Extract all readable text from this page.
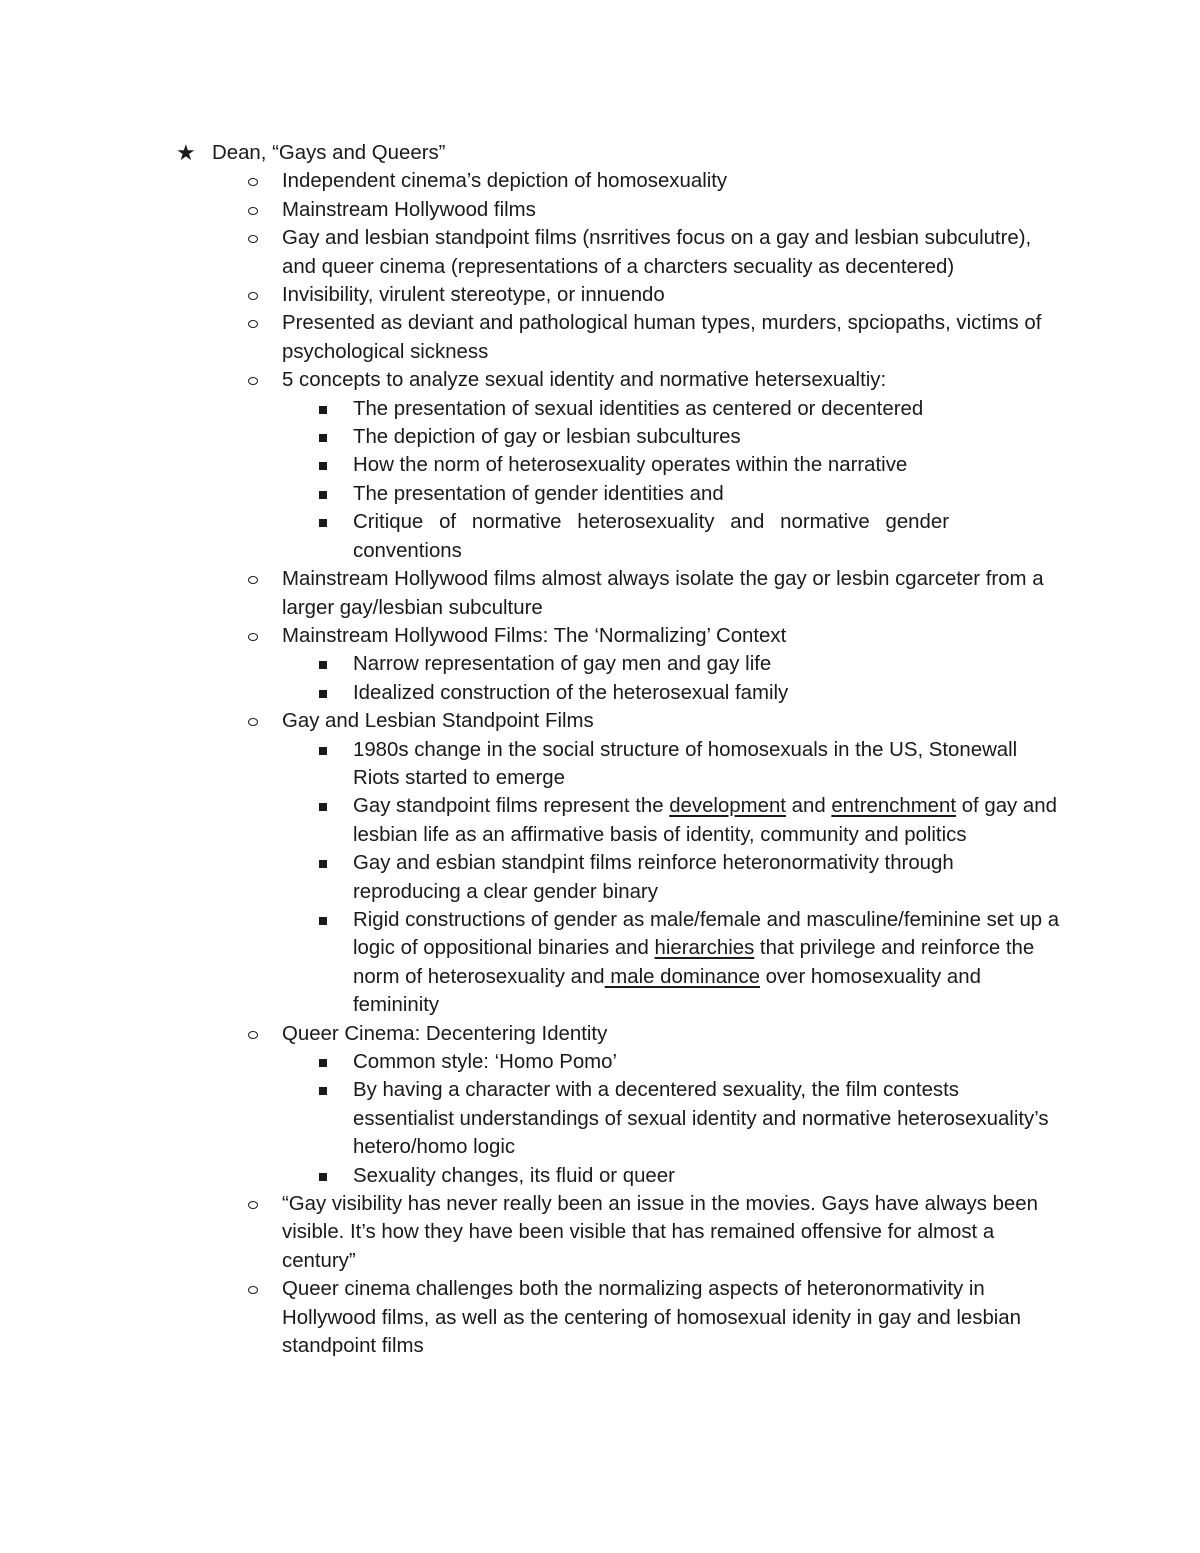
★ Dean, “Gays and Queers”
Independent cinema’s depiction of homosexuality
Mainstream Hollywood films
Gay and lesbian standpoint films (nsrritives focus on a gay and lesbian subculutre), and queer cinema (representations of a charcters secuality as decentered)
Invisibility, virulent stereotype, or innuendo
Presented as deviant and pathological human types, murders, spciopaths, victims of psychological sickness
5 concepts to analyze sexual identity and normative hetersexualtiy:
The presentation of sexual identities as centered or decentered
The depiction of gay or lesbian subcultures
How the norm of heterosexuality operates within the narrative
The presentation of gender identities and
Critique of normative heterosexuality and normative gender conventions
Mainstream Hollywood films almost always isolate the gay or lesbin cgarceter from a larger gay/lesbian subculture
Mainstream Hollywood Films: The ‘Normalizing’ Context
Narrow representation of gay men and gay life
Idealized construction of the heterosexual family
Gay and Lesbian Standpoint Films
1980s change in the social structure of homosexuals in the US, Stonewall Riots started to emerge
Gay standpoint films represent the development and entrenchment of gay and lesbian life as an affirmative basis of identity, community and politics
Gay and esbian standpint films reinforce heteronormativity through reproducing a clear gender binary
Rigid constructions of gender as male/female and masculine/feminine set up a logic of oppositional binaries and hierarchies that privilege and reinforce the norm of heterosexuality and male dominance over homosexuality and femininity
Queer Cinema: Decentering Identity
Common style: ‘Homo Pomo’
By having a character with a decentered sexuality, the film contests essentialist understandings of sexual identity and normative heterosexuality’s hetero/homo logic
Sexuality changes, its fluid or queer
“Gay visibility has never really been an issue in the movies. Gays have always been visible. It’s how they have been visible that has remained offensive for almost a century”
Queer cinema challenges both the normalizing aspects of heteronormativity in Hollywood films, as well as the centering of homosexual idenity in gay and lesbian standpoint films
